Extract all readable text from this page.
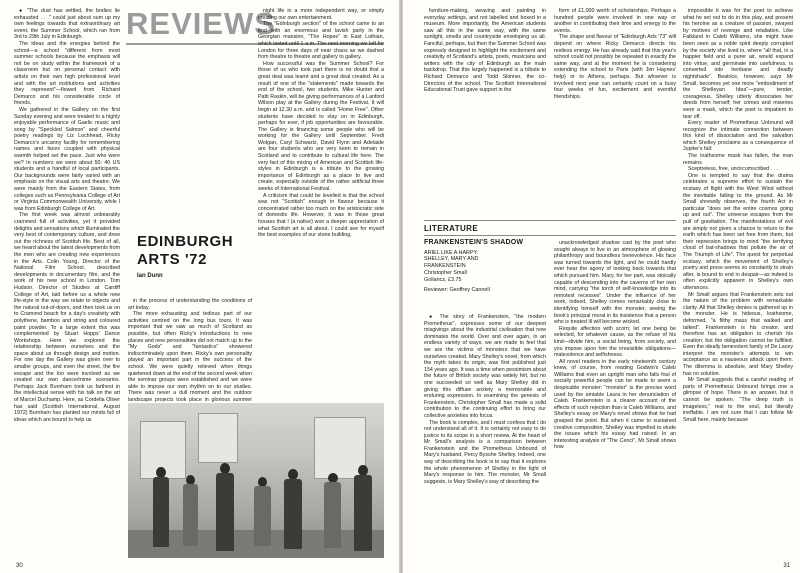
REVIEWS

● "The dust has settled, the bodies lie exhausted . . ." could just about sum up my own feelings towards that extraordinary art event, the Summer School, which ran from 3rd to 29th July in Edinburgh.

The ideas and the energies behind the school—a school "different from most summer schools because the emphasis will not be on study within the framework of a classroom but on personal contact with artists on their own high professional level and with the art institutions and activities they represent"—flowed from Richard Demarco and his considerable circle of friends.

We gathered in the Gallery on the first Sunday evening and were treated to a highly enjoyable performance of Gaelic music and song by "Speckled Salmon" and cheerful poetry readings by Liz Lochhead, Ricky Demarco's uncanny facility for remembering names and faces coupled with physical warmth helped set the pace. Just who were we? In numbers we were about 50: 40 US students and a handful of local participants. Our backgrounds were fairly varied with an emphasis on the visual arts and theatre. We were mainly from the Eastern States, from colleges such as Pennsylvania College of Art or Virginia Commonwealth University, while I was from Edinburgh College of Art.

The first week was almost unbearably crammed full of activities, yet it provided delights and sensations which illuminated the very best of contemporary culture, and drew out the richness of Scottish life. Best of all, we heard about the latest developments from the men who are creating new experiences in the Arts. Colin Young, Director of the National Film School, described developments in documentary film, and the work of his new school in London. Tom Hudson, Director of Studies at Cardiff College of Art, laid before us a whole new life-style in the way we relate to objects and the natural out-of-doors, and then took us on to Cramond beach for a day's creativity with polythene, bamboo and string and coloured paint powder. To a large extent this was complemented by Stuart Hopps' Dance Workshops. Here we explored the relationship between ourselves and the space about us through design and motion. For one day the Gallery was given over to smaller groups, and even the street, the fire escape and the loo were involved as we created our own dance/mime scenarios. Perhaps Jack Burnham took us farthest in the intellectual sense with his talk on the art of Marcel Duchamp. Here, as Cordelia Oliver has said (Scottish International, August 1972) Burnham has planted our minds full of ideas which are bound to help us

night life in a more independent way, or simply creating our own entertainment.

The "Edinburgh section" of the school came to an end with an enormous and lavish party in the Georgian mansion, "The Hopes" in East Lothian, which lasted until 1 a.m. The next morning we left for London for three days of near chaos as we dashed from theatre to theatre and gallery to gallery.

How successful was the Summer School? For those of us who took part there is no doubt that a great deal was learnt and a great deal created. As a result of one of the "statements" made towards the end of the school, two students, Mike Hunter and Patti Raskin, will be giving performances of a Lanford Wilson play at the Gallery during the Festival. It will begin at 12.30 a.m. and is called "Home Free". Other students have decided to stay on in Edinburgh, perhaps for ever, if job opportunities are favourable. The Gallery is financing some people who will be working for the Gallery until September. Fredi Wolgan, Caryl Schwartz, David Flynn and Adelaide are four students who are very keen to remain in Scotland and to contribute to cultural life here. The very fact of this mixing of American and Scottish life-styles in Edinburgh is a tribute to the growing importance of Edinburgh as a place to live and create, especially outside of the rather artificial three weeks of International Festival.

A criticism that could be levelled is that the school was not "Scottish" enough in flavour because it concentrated rather too much on the aristocratic side of domestic life. However, it was in those great houses that I (a native) won a deeper appreciation of what Scottish art is all about. I could see for myself the best examples of our stone building,

EDINBURGH ARTS '72
Ian Dunn

in the process of understanding the conditions of art today.

The more exhausting and tedious part of our activities centred on the long bus tours. It was important that we saw as much of Scotland as possible, but often Ricky's introductions to new places and new personalities did not match up to the "My Gods" and "fantastics" showered indiscriminately upon them. Ricky's own personality played an important part in the success of the school. We were quietly relieved when things quietened down at the end of the second week when the seminar groups were established and we were able to impose our own rhythm on to our studies. There was never a dull moment and the outdoor landscape projects took place in glorious summer

30

furniture-making, weaving and painting in everyday settings, and not labelled and boxed in a museum. More importantly, the American students saw all this in the same way, with the same sunlight, smells and countryside enveloping us all. Fanciful, perhaps, but then the Summer School was expressly designed to highlight the excitement and creativity of Scotland's artists, poets, musicians and writers with the city of Edinburgh as the main backdrop. That this largely happened is a tribute to Richard Demarco and Todd Skinner, the co-Directors of the school. The Scottish International Educational Trust gave support in the

form of £1,000 worth of scholarships. Perhaps a hundred people were involved in one way or another in contributing their time and energy to the events.

The shape and flavour of "Edinburgh Arts '73" will depend on where Ricky Demarco directs his restless energy. He has already said that this year's school could not possibly be repeated in exactly the same way, and at the moment he is considering extending the school to Paris (with Jim Haynes' help) or to Athens, perhaps. But whoever is involved next year can certainly count on a busy four weeks of fun, excitement and eventful friendships.

LITERATURE
FRANKENSTEIN'S SHADOW
ARIEL LIKE A HARPY:
SHELLEY, MARY AND
FRANKENSTEIN
Christopher Small
Gollancz, £3.75
Reviewer: Geoffrey Cannell

● The story of Frankenstein, "the modern Prometheus", expresses some of our deepest misgivings about the industrial civilisation that now dominates the world. Over and over again, in an endless variety of ways, we are made to feel that we are the victims of monsters that we have ourselves created. Mary Shelley's novel, from which the myth takes its origin, was first published just 154 years ago. It was a time when pessimism about the future of British society was widely felt, but no one succeeded so well as Mary Shelley did in giving this diffuse anxiety a memorable and enduring expression. In examining the genesis of Frankenstein, Christopher Small has made a solid contribution to the continuing effort to bring our collective anxieties into focus.

The book is complex, and I must confess that I do not understand all of it. It is certainly not easy to do justice to its scope in a short review. At the heart of Mr Small's analysis is a comparison between Frankenstein and the Prometheus Unbound of Mary's husband, Percy Bysshe Shelley. Indeed, one way of describing the book is to say that it explores the whole phenomenon of Shelley in the light of Mary's response to him. The monster, Mr Small suggests, is Mary Shelley's way of describing the

unacknowledged shadow cast by the poet who sought always to live in an atmosphere of glowing philanthropy and boundless benevolence. His face was turned towards the light, and he could hardly ever hear the agony of looking back towards that which pursued him. Mary, for her part, was stoically capable of descending into the caverns of her own mind, carrying "the torch of self-knowledge into its remotest recesses". Under the influence of her work, indeed, Shelley comes remarkably close to identifying himself with the monster, seeing the book's principal moral in its insistence that a person who is treated ill will become wicked.

Requite affection with scorn; let one being be selected, for whatever cause, as the refuse of his kind—divide him, a social being, from society, and you impose upon him the irresistible obligations—malevolence and selfishness.

All novel readers in the early nineteenth century knew, of course, from reading Godwin's Caleb Williams that even an upright man who falls foul of socially powerful people can be made to seem a despicable monster: "monster" is the precise word used by the amiable Laura in her denunciation of Caleb. Frankenstein is a clearer account of the effects of such rejection than is Caleb Williams, and Shelley's essay on Mary's novel shows that he had grasped the point. But when it came to sustained creative composition, Shelley was impelled to elude the issues which his essay had raised. In an interesting analysis of "The Cenci", Mr Small shows how

impossible it was for the poet to achieve what he set out to do in this play, and present his heroine as a creature of passion, swayed by motives of revenge and retaliation. Like Falkland in Caleb Williams, she might have been seen as a noble spirit deeply corrupted by the society she lived in, where "all that, in a happier field and a purer air, would expand into virtue, and germinate into usefulness, is converted into henbane and deadly nightshade". Beatrice, however, says Mr Small, becomes yet one more "embodiment of the Shelleyan Idea"—pure, tender, courageous. Shelley utterly dissociates her deeds from herself; her crimes and miseries were a mask, which the poet is impatient to tear off.

Every reader of Prometheus Unbound will recognize the intimate connection between this kind of dissociation and the salvation which Shelley proclaims as a consequence of Jupiter's fall:

The loathsome mask has fallen, the man remains

Sceptreless, free, uncircumscribed . . .

One is tempted to say that the drama celebrates a supreme effort to sustain the ecstasy of flight with the West Wind without the inevitable falling to the ground. As Mr Small shrewdly observes, the fourth Act in particular "does set the entire cosmos going up and out". The universe escapes from the pull of gravitation. The manifestations of evil are simply not given a chance to return to the earth which has been set free from them, but their repression brings to mind "the terrifying cloud of bat-shadows that pollute the air of The Triumph of Life". The quest for perpetual ecstasy, which the movement of Shelley's poetry and prose seems so constantly to strain after, is bound to end in despair—as indeed is often explicitly apparent in Shelley's own utterances.

Mr Small argues that Frankenstein sets out the nature of the problem with remarkable clarity. All that Shelley denies is gathered up in the monster. He is hideous, loathsome, deformed, "a filthy mass that walked and talked". Frankenstein is his creator, and therefore has an obligation to cherish his creation; but the obligation cannot be fulfilled. Even the ideally benevolent family of De Lacey interpret the monster's attempts to win acceptance as a nauseous attack upon them. The dilemma is absolute, and Mary Shelley has no solution.

Mr Small suggests that a careful reading of parts of Prometheus Unbound brings one a glimpse of hope. There is an answer, but it cannot be spoken. "The deep truth is imageless," real to the soul, but literally ineffable. I am not sure that I can follow Mr Small here, mainly because

31
